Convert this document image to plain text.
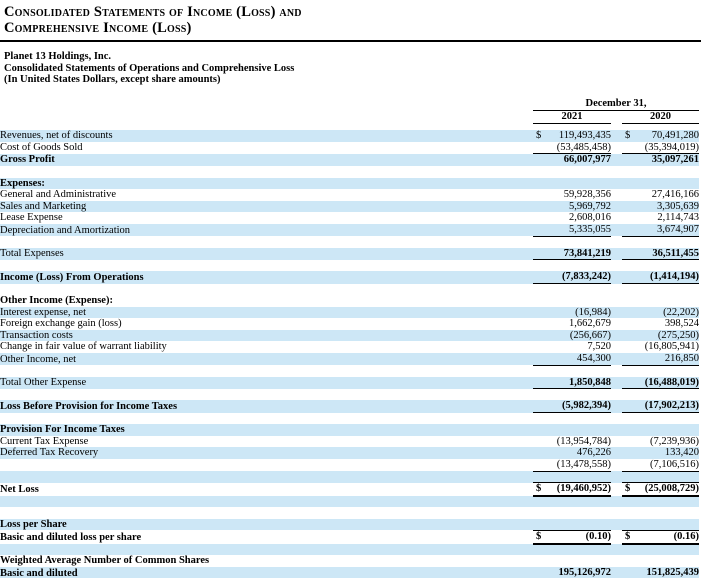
Consolidated Statements of Income (Loss) and
Comprehensive Income (Loss)
Planet 13 Holdings, Inc.
Consolidated Statements of Operations and Comprehensive Loss
(In United States Dollars, except share amounts)
	December 31,		
	2021		2020

Revenues, net of discounts	$ 119,493,435		$ 70,491,280
Cost of Goods Sold	(53,485,458)		(35,394,019)
Gross Profit	66,007,977		35,097,261

Expenses:			
General and Administrative	59,928,356		27,416,166
Sales and Marketing	5,969,792		3,305,639
Lease Expense	2,608,016		2,114,743
Depreciation and Amortization	5,335,055		3,674,907

Total Expenses	73,841,219		36,511,455

Income (Loss) From Operations	(7,833,242)		(1,414,194)

Other Income (Expense):			
Interest expense, net	(16,984)		(22,202)
Foreign exchange gain (loss)	1,662,679		398,524
Transaction costs	(256,667)		(275,250)
Change in fair value of warrant liability	7,520		(16,805,941)
Other Income, net	454,300		216,850

Total Other Expense	1,850,848		(16,488,019)

Loss Before Provision for Income Taxes	(5,982,394)		(17,902,213)

Provision For Income Taxes			
Current Tax Expense	(13,954,784)		(7,239,936)
Deferred Tax Recovery	476,226		133,420
	(13,478,558)		(7,106,516)

Net Loss	$ (19,460,952)		$ (25,008,729)

Loss per Share			
Basic and diluted loss per share	$ (0.10)		$ (0.16)

Weighted Average Number of Common Shares			
Basic and diluted	195,126,972		151,825,439
